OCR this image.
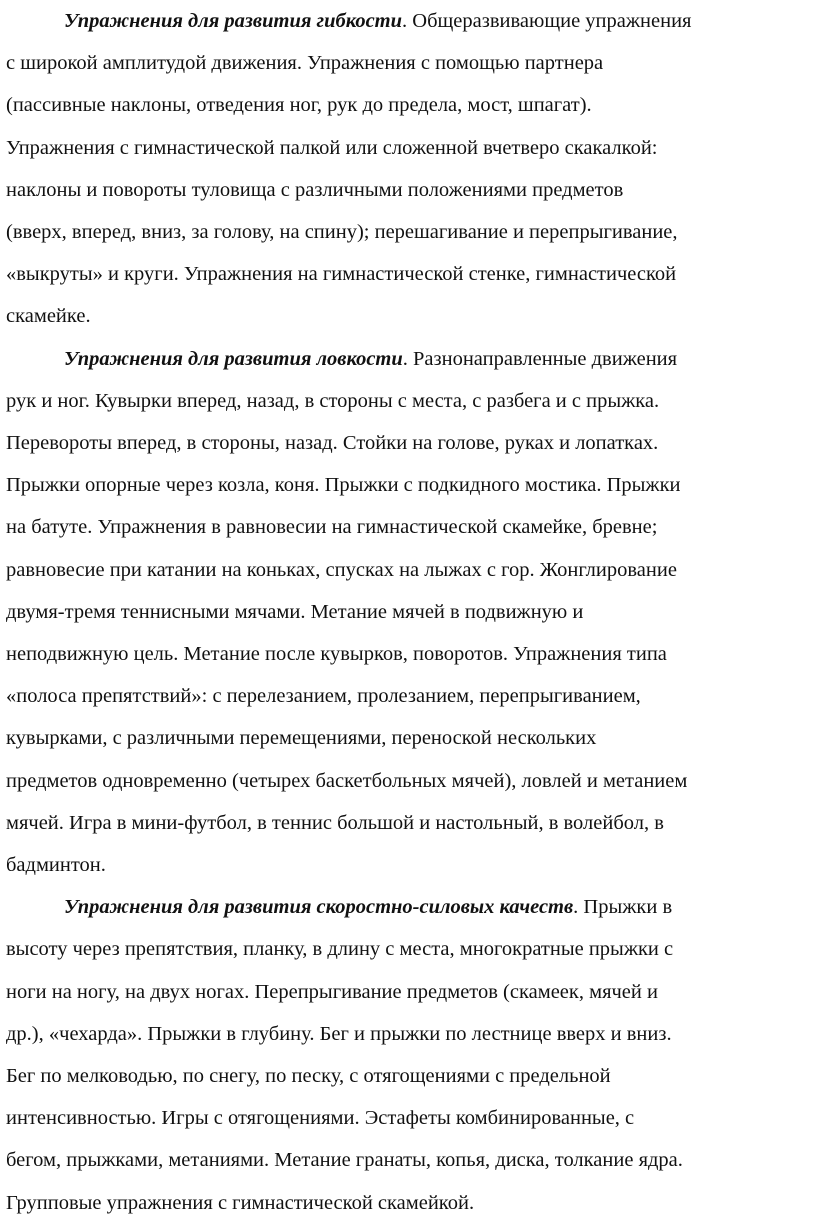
Упражнения для развития гибкости. Общеразвивающие упражнения
с широкой амплитудой движения. Упражнения с помощью партнера
(пассивные наклоны, отведения ног, рук до предела, мост, шпагат).
Упражнения с гимнастической палкой или сложенной вчетверо скакалкой:
наклоны и повороты туловища с различными положениями предметов
(вверх, вперед, вниз, за голову, на спину); перешагивание и перепрыгивание,
«выкруты» и круги. Упражнения на гимнастической стенке, гимнастической
скамейке.
Упражнения для развития ловкости. Разнонаправленные движения
рук и ног. Кувырки вперед, назад, в стороны с места, с разбега и с прыжка.
Перевороты вперед, в стороны, назад. Стойки на голове, руках и лопатках.
Прыжки опорные через козла, коня. Прыжки с подкидного мостика. Прыжки
на батуте. Упражнения в равновесии на гимнастической скамейке, бревне;
равновесие при катании на коньках, спусках на лыжах с гор. Жонглирование
двумя-тремя теннисными мячами. Метание мячей в подвижную и
неподвижную цель. Метание после кувырков, поворотов. Упражнения типа
«полоса препятствий»: с перелезанием, пролезанием, перепрыгиванием,
кувырками, с различными перемещениями, переноской нескольких
предметов одновременно (четырех баскетбольных мячей), ловлей и метанием
мячей. Игра в мини-футбол, в теннис большой и настольный, в волейбол, в
бадминтон.
Упражнения для развития скоростно-силовых качеств. Прыжки в
высоту через препятствия, планку, в длину с места, многократные прыжки с
ноги на ногу, на двух ногах. Перепрыгивание предметов (скамеек, мячей и
др.), «чехарда». Прыжки в глубину. Бег и прыжки по лестнице вверх и вниз.
Бег по мелководью, по снегу, по песку, с отягощениями с предельной
интенсивностью. Игры с отягощениями. Эстафеты комбинированные, с
бегом, прыжками, метаниями. Метание гранаты, копья, диска, толкание ядра.
Групповые упражнения с гимнастической скамейкой.
